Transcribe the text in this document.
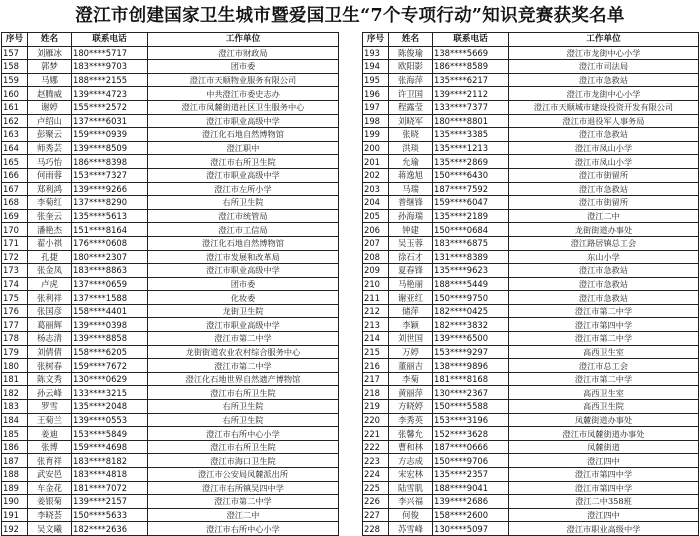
澄江市创建国家卫生城市暨爱国卫生“7个专项行动”知识竞赛获奖名单
序号	姓名	联系电话	工作单位
157	刘雁冰	180****5717	澄江市财政局
158	郭梦	183****9703	团市委
159	马娜	188****2155	澄江市天顺物业服务有限公司
160	赵腾威	139****4723	中共澄江市委史志办
161	谢婷	155****2572	澄江市凤麓街道社区卫生服务中心
162	卢绍山	137****6031	澄江市职业高级中学
163	彭聚云	159****0939	澄江化石地自然博物馆
164	师秀芸	139****8509	澄江职中
165	马巧怡	186****8398	澄江市右所卫生院
166	何雨蓉	153****7327	澄江市职业高级中学
167	郑利鸿	139****9266	澄江市左所小学
168	李菊红	137****8290	右所卫生院
169	张奎云	135****5613	澄江市统管局
170	潘艳杰	151****8164	澄江市工信局
171	翟小祺	176****0608	澄江化石地自然博物馆
172	孔捷	180****2307	澄江市发展和改革局
173	张金凤	183****8863	澄江市职业高级中学
174	卢虎	137****0659	团市委
175	张利祥	137****1588	化妆委
176	张国彦	158****4401	龙街卫生院
177	葛丽辉	139****0398	澄江市职业高级中学
178	杨志清	139****8858	澄江市第二中学
179	刘倩倩	158****6205	龙街街道农业农村综合服务中心
180	张树春	159****7672	澄江市第二中学
181	陈文秀	130****0629	澄江化石地世界自然遗产博物馆
182	孙云峰	133****3215	澄江市右所卫生院
183	罗雪	135****2048	右所卫生院
184	王菊兰	139****0553	右所卫生院
185	姜迪	153****5849	澄江市右所中心小学
186	张博	159****4698	澄江市右所卫生院
187	张育祥	183****8182	澄江市海口卫生院
188	武安邑	183****4818	澄江市公安局凤麓派出所
189	车金花	181****7072	澄江市右所镇吴四中学
190	姜银菊	139****2157	澄江市第二中学
191	李晓荟	150****5633	澄江二中
192	吴文曦	182****2636	澄江市右所中心小学
序号	姓名	联系电话	工作单位
193	陈俊瑜	138****5669	澄江市龙街中心小学
194	欧阳影	186****8589	澄江市司法局
195	张海萍	135****6217	澄江市急救站
196	许卫国	139****2112	澄江市龙街中心小学
197	程露莹	133****7377	澄江市天顺城市建设投资开发有限公司
198	刘晓军	180****8801	澄江市退役军人事务局
199	张晓	135****3385	澄江市急救站
200	洪琰	135****1213	澄江市凤山小学
201	允瑜	135****2869	澄江市凤山小学
202	蒋逸旭	150****6430	澄江市街留所
203	马瑞	187****7592	澄江市急救站
204	普继锋	159****6047	澄江市街留所
205	孙海瑞	135****2189	澄江二中
206	钟建	150****0684	龙街街道办事处
207	吴玉蓉	183****6875	澄江路居镇总工会
208	徐石才	131****8389	东山小学
209	夏春锋	135****9623	澄江市急救站
210	马艳丽	188****5449	澄江市急救站
211	谢亚红	150****9750	澄江市急救站
212	储萍	182****0425	澄江市第二中学
213	李颖	182****3832	澄江市第四中学
214	刘世国	139****6500	澄江市第二中学
215	万婷	153****9297	高西卫生室
216	董丽吉	138****9896	澄江市总工会
217	李菊	181****8168	澄江市第二中学
218	黄丽萍	130****2367	高西卫生室
219	方晓婷	150****5588	高西卫生院
220	李秀英	153****3196	凤麓街道办事处
221	张馨允	152****3628	澄江市凤麓街道办事处
222	曹和林	187****0666	凤麓街道
223	方志成	150****9706	澄江四中
224	宋宏林	135****2357	澄江市第四中学
225	陆雪肌	188****9041	澄江市第四中学
226	李兴福	139****2686	澄江二中358班
227	何俊	158****2600	澄江四中
228	苏雪峰	130****5097	澄江市职业高级中学
